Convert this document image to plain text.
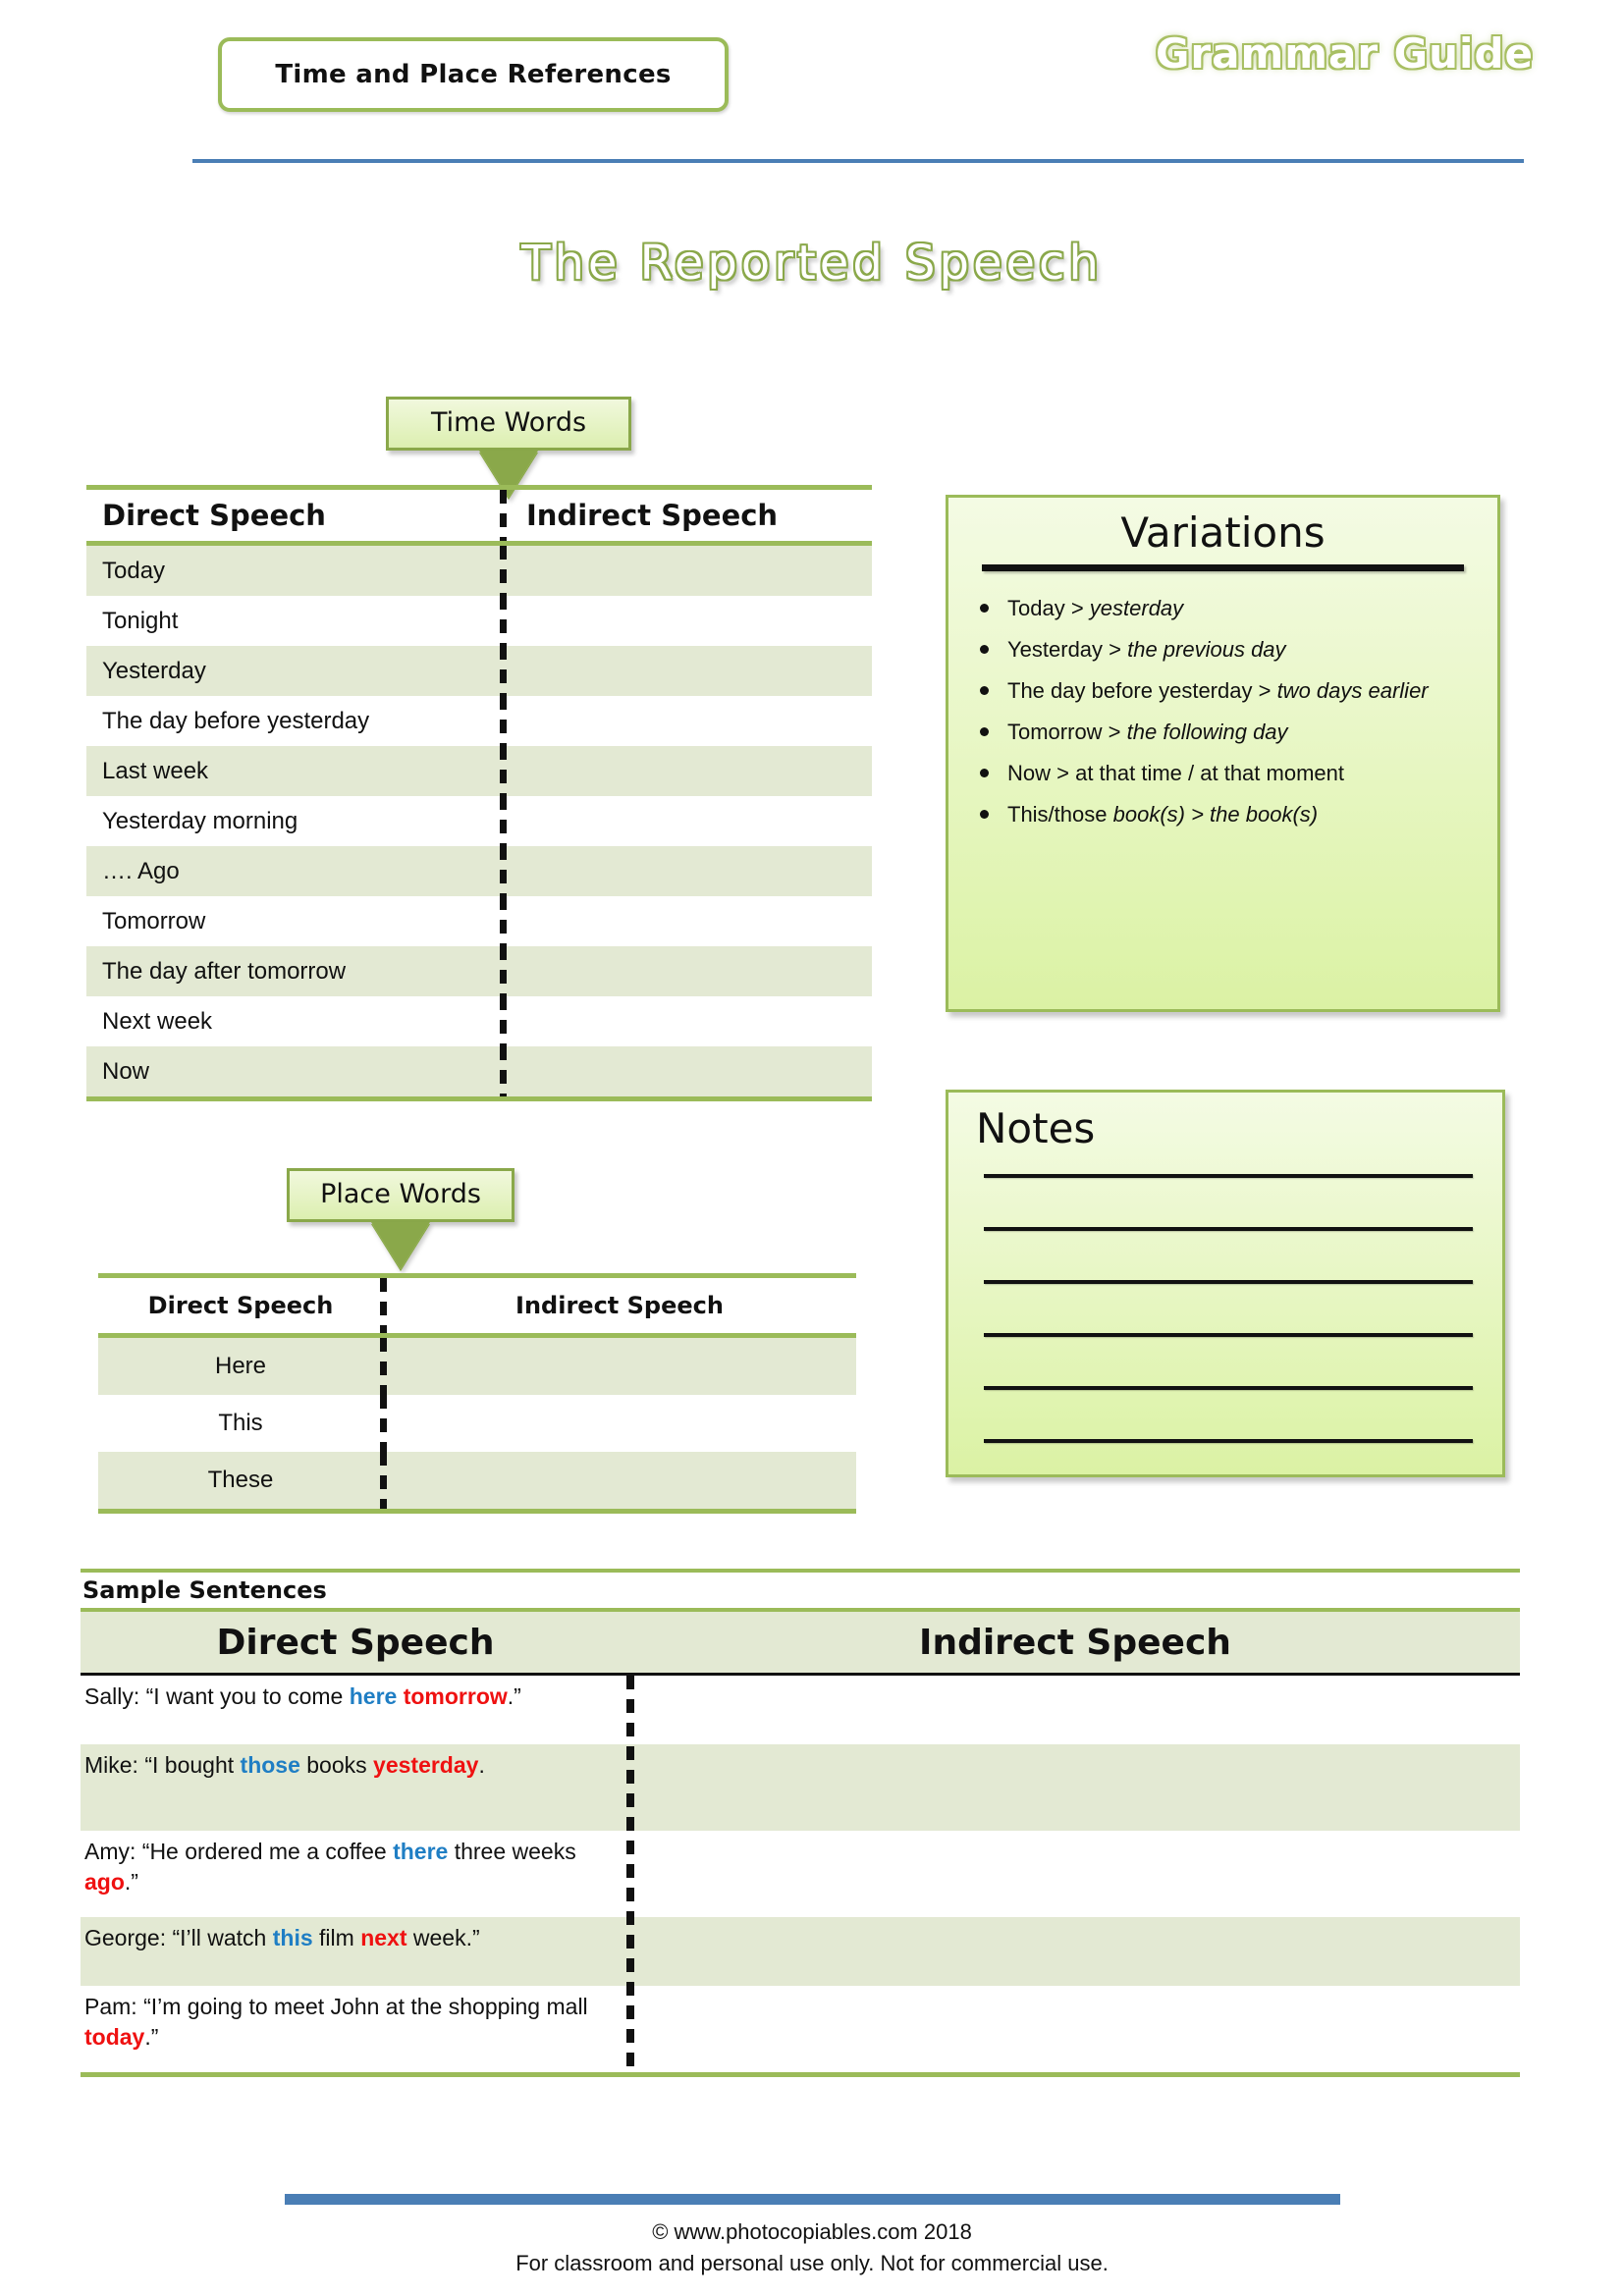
Time and Place References	Grammar Guide
The Reported Speech
Time Words
Direct Speech	Indirect Speech
Today
Tonight
Yesterday
The day before yesterday
Last week
Yesterday morning
…. Ago
Tomorrow
The day after tomorrow
Next week
Now
Variations
Today > yesterday
Yesterday > the previous day
The day before yesterday > two days earlier
Tomorrow > the following day
Now > at that time / at that moment
This/those book(s) > the book(s)
Notes
Place Words
Direct Speech	Indirect Speech
Here
This
These
Sample Sentences
Direct Speech	Indirect Speech
Sally: “I want you to come here tomorrow.”
Mike: “I bought those books yesterday.
Amy: “He ordered me a coffee there three weeks ago.”
George: “I’ll watch this film next week.”
Pam: “I’m going to meet John at the shopping mall today.”
© www.photocopiables.com 2018
For classroom and personal use only. Not for commercial use.
